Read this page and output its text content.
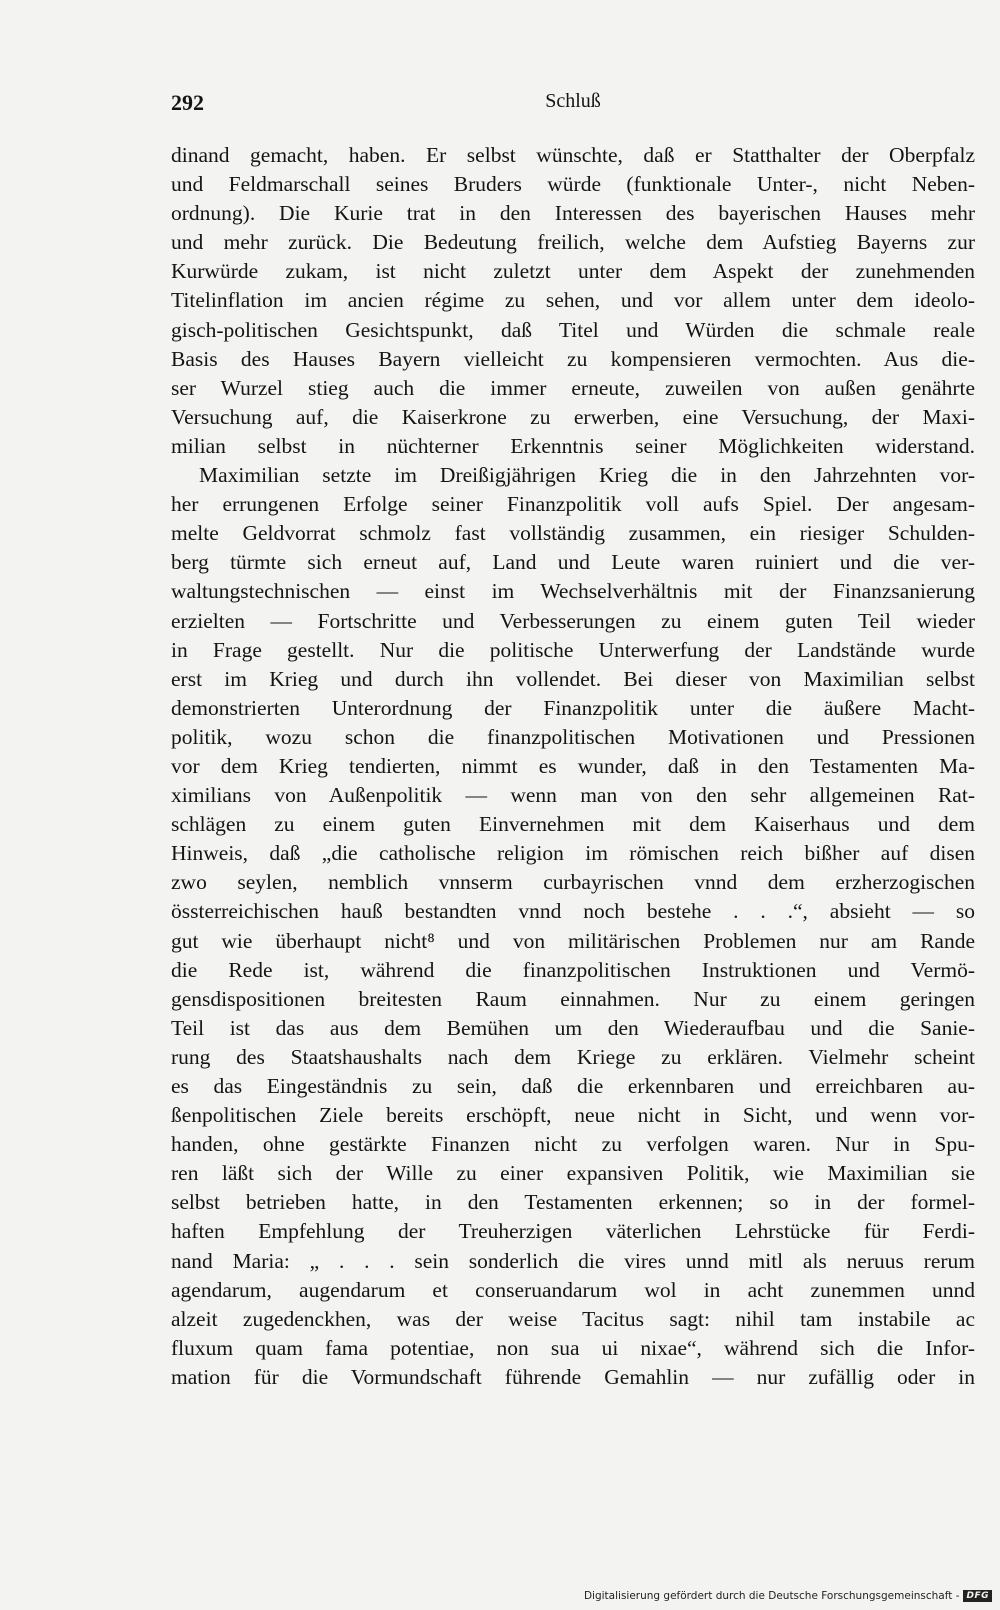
292	Schluß
dinand gemacht, haben. Er selbst wünschte, daß er Statthalter der Oberpfalz
und Feldmarschall seines Bruders würde (funktionale Unter-, nicht Neben-
ordnung). Die Kurie trat in den Interessen des bayerischen Hauses mehr
und mehr zurück. Die Bedeutung freilich, welche dem Aufstieg Bayerns zur
Kurwürde zukam, ist nicht zuletzt unter dem Aspekt der zunehmenden
Titelinflation im ancien régime zu sehen, und vor allem unter dem ideolo-
gisch-politischen Gesichtspunkt, daß Titel und Würden die schmale reale
Basis des Hauses Bayern vielleicht zu kompensieren vermochten. Aus die-
ser Wurzel stieg auch die immer erneute, zuweilen von außen genährte
Versuchung auf, die Kaiserkrone zu erwerben, eine Versuchung, der Maxi-
milian selbst in nüchterner Erkenntnis seiner Möglichkeiten widerstand.
Maximilian setzte im Dreißigjährigen Krieg die in den Jahrzehnten vor-
her errungenen Erfolge seiner Finanzpolitik voll aufs Spiel. Der angesam-
melte Geldvorrat schmolz fast vollständig zusammen, ein riesiger Schulden-
berg türmte sich erneut auf, Land und Leute waren ruiniert und die ver-
waltungstechnischen — einst im Wechselverhältnis mit der Finanzsanierung
erzielten — Fortschritte und Verbesserungen zu einem guten Teil wieder
in Frage gestellt. Nur die politische Unterwerfung der Landstände wurde
erst im Krieg und durch ihn vollendet. Bei dieser von Maximilian selbst
demonstrierten Unterordnung der Finanzpolitik unter die äußere Macht-
politik, wozu schon die finanzpolitischen Motivationen und Pressionen
vor dem Krieg tendierten, nimmt es wunder, daß in den Testamenten Ma-
ximilians von Außenpolitik — wenn man von den sehr allgemeinen Rat-
schlägen zu einem guten Einvernehmen mit dem Kaiserhaus und dem
Hinweis, daß „die catholische religion im römischen reich bißher auf disen
zwo seylen, nemblich vnnserm curbayrischen vnnd dem erzherzogischen
össterreichischen hauß bestandten vnnd noch bestehe . . .“, absieht — so
gut wie überhaupt nicht⁸ und von militärischen Problemen nur am Rande
die Rede ist, während die finanzpolitischen Instruktionen und Vermö-
gensdispositionen breitesten Raum einnahmen. Nur zu einem geringen
Teil ist das aus dem Bemühen um den Wiederaufbau und die Sanie-
rung des Staatshaushalts nach dem Kriege zu erklären. Vielmehr scheint
es das Eingeständnis zu sein, daß die erkennbaren und erreichbaren au-
ßenpolitischen Ziele bereits erschöpft, neue nicht in Sicht, und wenn vor-
handen, ohne gestärkte Finanzen nicht zu verfolgen waren. Nur in Spu-
ren läßt sich der Wille zu einer expansiven Politik, wie Maximilian sie
selbst betrieben hatte, in den Testamenten erkennen; so in der formel-
haften Empfehlung der Treuherzigen väterlichen Lehrstücke für Ferdi-
nand Maria: „ . . . sein sonderlich die vires unnd mitl als neruus rerum
agendarum, augendarum et conseruandarum wol in acht zunemmen unnd
alzeit zugedenckhen, was der weise Tacitus sagt: nihil tam instabile ac
fluxum quam fama potentiae, non sua ui nixae“, während sich die Infor-
mation für die Vormundschaft führende Gemahlin — nur zufällig oder in
Digitalisierung gefördert durch die Deutsche Forschungsgemeinschaft - DFG
